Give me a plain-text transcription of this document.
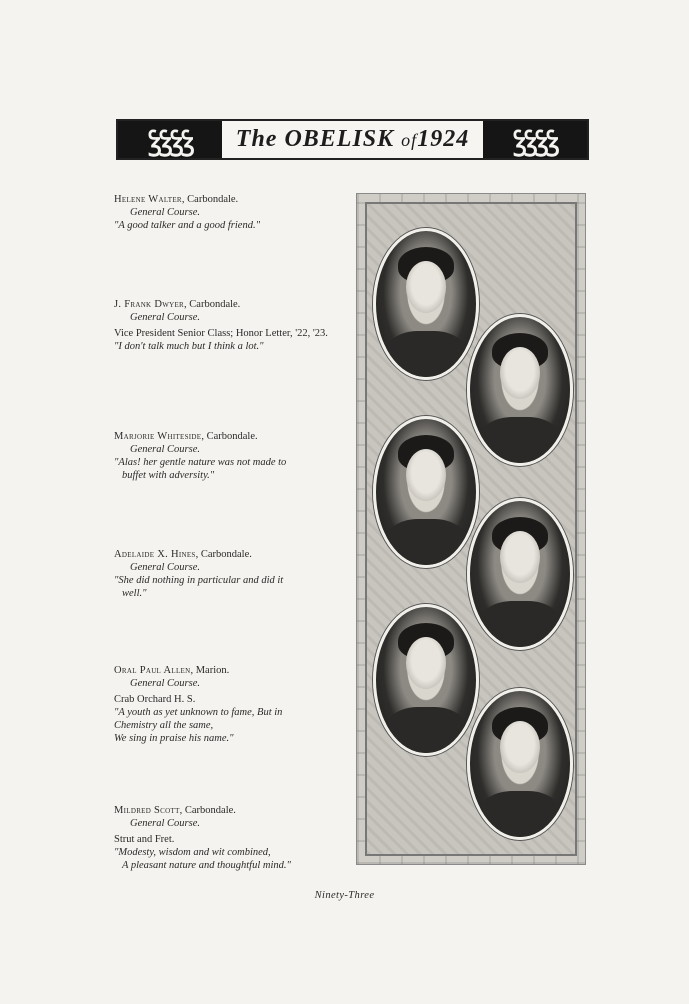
ꝢꝢꝢꝢ	The OBELISK of1924	ꝢꝢꝢꝢ
Helene Walter, Carbondale.
General Course.
"A good talker and a good friend."
J. Frank Dwyer, Carbondale.
General Course.
Vice President Senior Class; Honor Letter, '22, '23.
"I don't talk much but I think a lot."
Marjorie Whiteside, Carbondale.
General Course.
"Alas! her gentle nature was not made to
buffet with adversity."
Adelaide X. Hines, Carbondale.
General Course.
"She did nothing in particular and did it
well."
Oral Paul Allen, Marion.
General Course.
Crab Orchard H. S.
"A youth as yet unknown to fame, But in Chemistry all the same,
We sing in praise his name."
Mildred Scott, Carbondale.
General Course.
Strut and Fret.
"Modesty, wisdom and wit combined,
A pleasant nature and thoughtful mind."
Ninety-Three
